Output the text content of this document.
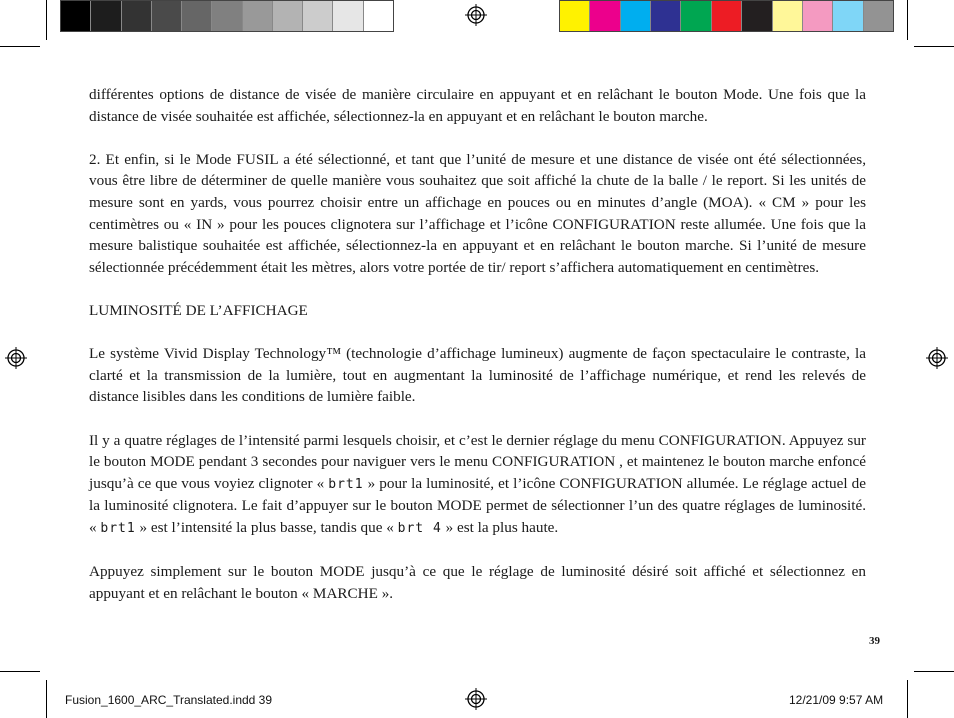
différentes options de distance de visée de manière circulaire en appuyant et en relâchant le bouton Mode. Une fois que la distance de visée souhaitée est affichée, sélectionnez-la en appuyant et en relâchant le bouton marche.

2. Et enfin, si le Mode FUSIL a été sélectionné, et tant que l’unité de mesure et une distance de visée ont été sélectionnées, vous être libre de déterminer de quelle manière vous souhaitez que soit affiché la chute de la balle / le report. Si les unités de mesure sont en yards, vous pourrez choisir entre un affichage en pouces ou en minutes d’angle (MOA). « CM » pour les centimètres ou « IN » pour les pouces clignotera sur l’affichage et l’icône CONFIGURATION reste allumée. Une fois que la mesure balistique souhaitée est affichée, sélectionnez-la en appuyant et en relâchant le bouton marche. Si l’unité de mesure sélectionnée précédemment était les mètres, alors votre portée de tir/ report s’affichera automatiquement en centimètres.

LUMINOSITÉ DE L’AFFICHAGE

Le système Vivid Display Technology™ (technologie d’affichage lumineux) augmente de façon spectaculaire le contraste, la clarté et la transmission de la lumière, tout en augmentant la luminosité de l’affichage numérique, et rend les relevés de distance lisibles dans les conditions de lumière faible.

Il y a quatre réglages de l’intensité parmi lesquels choisir, et c’est le dernier réglage du menu CONFIGURATION. Appuyez sur le bouton MODE pendant 3 secondes pour naviguer vers le menu CONFIGURATION , et maintenez le bouton marche enfoncé jusqu’à ce que vous voyiez clignoter « brt1 » pour la luminosité, et l’icône CONFIGURATION allumée. Le réglage actuel de la luminosité clignotera. Le fait d’appuyer sur le bouton MODE permet de sélectionner l’un des quatre réglages de luminosité. « brt1 » est l’intensité la plus basse, tandis que « brt 4 » est la plus haute.

Appuyez simplement sur le bouton MODE jusqu’à ce que le réglage de luminosité désiré soit affiché et sélectionnez en appuyant et en relâchant le bouton « MARCHE ».

39
Fusion_1600_ARC_Translated.indd 39	12/21/09 9:57 AM
